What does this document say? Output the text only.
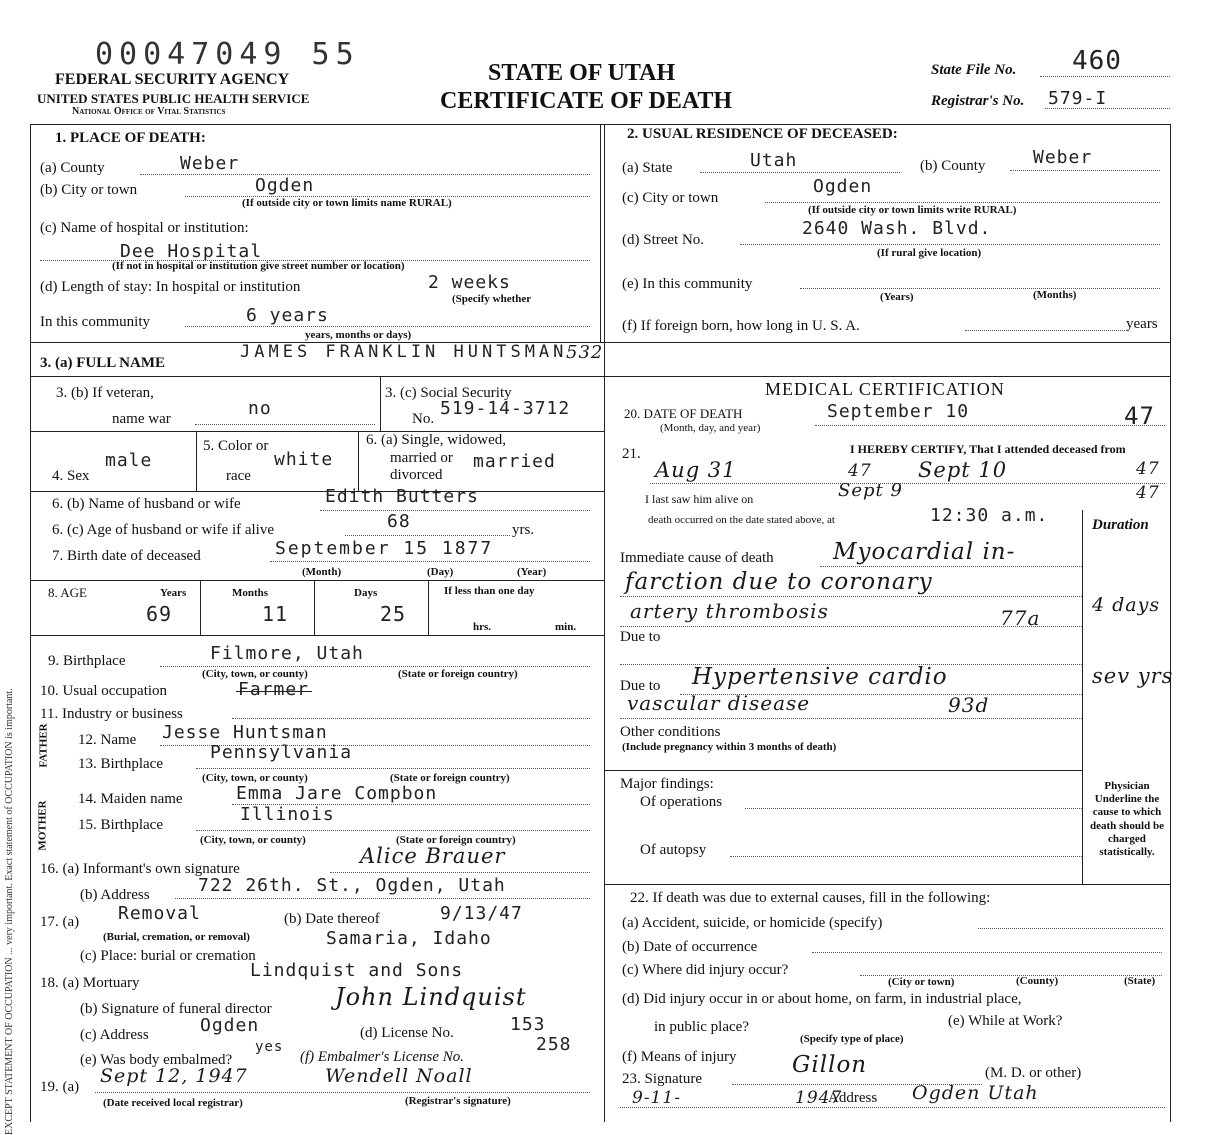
00047049 55
FEDERAL SECURITY AGENCY
UNITED STATES PUBLIC HEALTH SERVICE
National Office of Vital Statistics
STATE OF UTAH
CERTIFICATE OF DEATH
State File No. 460
Registrar's No. 579-I
EXCEPT STATEMENT OF OCCUPATION ... very important. Exact statement of OCCUPATION is important.
1. PLACE OF DEATH:
(a) County	Weber
(b) City or town	Ogden
(If outside city or town limits name RURAL)
(c) Name of hospital or institution:
Dee Hospital
(If not in hospital or institution give street number or location)
(d) Length of stay: In hospital or institution	2 weeks
(Specify whether
In this community	6 years
years, months or days)
2. USUAL RESIDENCE OF DECEASED:
(a) State	Utah	(b) County	Weber
(c) City or town
Ogden
(If outside city or town limits write RURAL)
(d) Street No.
2640 Wash. Blvd.
(If rural give location)
(e) In this community
(Years)	(Months)
(f) If foreign born, how long in U. S. A.	years
3. (a) FULL NAME
JAMES FRANKLIN HUNTSMAN
532
MEDICAL CERTIFICATION
3. (b) If veteran,
name war	no
3. (c) Social Security
No. 519-14-3712
4. Sex
male
5. Color or
race
white
6. (a) Single, widowed,
married or
divorced
married
6. (b) Name of husband or wife	Edith Butters
6. (c) Age of husband or wife if alive	68	yrs.
7. Birth date of deceased	September 15 1877
(Month)	(Day)	(Year)
8. AGE	Years	Months	Days	If less than one day
69	11	25
hrs.	min.
9. Birthplace	Filmore, Utah
(City, town, or county)	(State or foreign country)
10. Usual occupation	Farmer
11. Industry or business
FATHER
MOTHER
12. Name Jesse Huntsman
13. Birthplace
Pennsylvania
(City, town, or county)	(State or foreign country)
14. Maiden name	Emma Jare Compbon
15. Birthplace	Illinois
(City, town, or county)	(State or foreign country)
16. (a) Informant's own signature
Alice Brauer
(b) Address	722 26th. St., Ogden, Utah
17. (a) Removal
(Burial, cremation, or removal)
(b) Date thereof	9/13/47
(c) Place: burial or cremation
Samaria, Idaho
18. (a) Mortuary
Lindquist and Sons
(b) Signature of funeral director	John Lindquist
(c) Address	Ogden	(d) License No.	153
(e) Was body embalmed?
yes
(f) Embalmer's License No.
258
19. (a) Sept 12, 1947	Wendell Noall
(Date received local registrar)	(Registrar's signature)
20. DATE OF DEATH
(Month, day, and year)
September 10	47
I HEREBY CERTIFY, That I attended deceased from
21.
Aug 31	Sept 10
47	47
I last saw him alive on	Sept 9	47
death occurred on the date stated above, at	12:30 a.m.	Duration
Immediate cause of death	Myocardial in-
farction due to coronary
artery thrombosis	77a
4 days
Due to
Due to Hypertensive cardio	sev yrs
vascular disease	93d
Other conditions
(Include pregnancy within 3 months of death)
Major findings:
Of operations
Of autopsy
Physician Underline the cause to which death should be charged statistically.
22. If death was due to external causes, fill in the following:
(a) Accident, suicide, or homicide (specify)
(b) Date of occurrence
(c) Where did injury occur?
(City or town)	(County)	(State)
(d) Did injury occur in or about home, on farm, in industrial place,
in public place?	(e) While at Work?
(Specify type of place)
(f) Means of injury
23. Signature
Gillon	(M. D. or other)
9-11-	1947
Address Ogden Utah
